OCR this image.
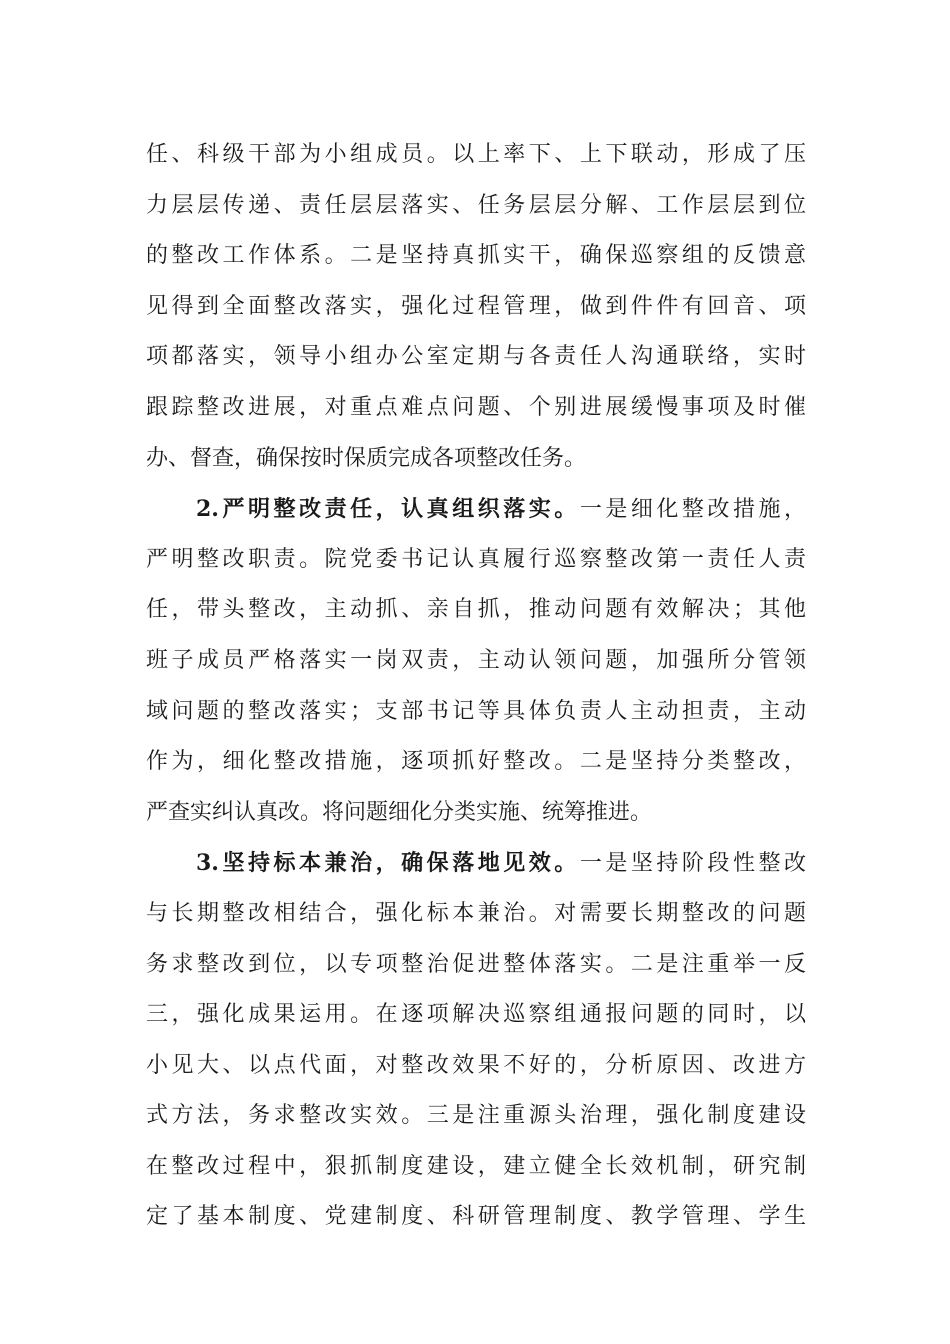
任、科级干部为小组成员。以上率下、上下联动，形成了压
力层层传递、责任层层落实、任务层层分解、工作层层到位
的整改工作体系。二是坚持真抓实干，确保巡察组的反馈意
见得到全面整改落实，强化过程管理，做到件件有回音、项
项都落实，领导小组办公室定期与各责任人沟通联络，实时
跟踪整改进展，对重点难点问题、个别进展缓慢事项及时催
办、督查，确保按时保质完成各项整改任务。
2.严明整改责任，认真组织落实。一是细化整改措施，
严明整改职责。院党委书记认真履行巡察整改第一责任人责
任，带头整改，主动抓、亲自抓，推动问题有效解决；其他
班子成员严格落实一岗双责，主动认领问题，加强所分管领
域问题的整改落实；支部书记等具体负责人主动担责，主动
作为，细化整改措施，逐项抓好整改。二是坚持分类整改，
严查实纠认真改。将问题细化分类实施、统筹推进。
3.坚持标本兼治，确保落地见效。一是坚持阶段性整改
与长期整改相结合，强化标本兼治。对需要长期整改的问题
务求整改到位，以专项整治促进整体落实。二是注重举一反
三，强化成果运用。在逐项解决巡察组通报问题的同时，以
小见大、以点代面，对整改效果不好的，分析原因、改进方
式方法，务求整改实效。三是注重源头治理，强化制度建设
在整改过程中，狠抓制度建设，建立健全长效机制，研究制
定了基本制度、党建制度、科研管理制度、教学管理、学生
